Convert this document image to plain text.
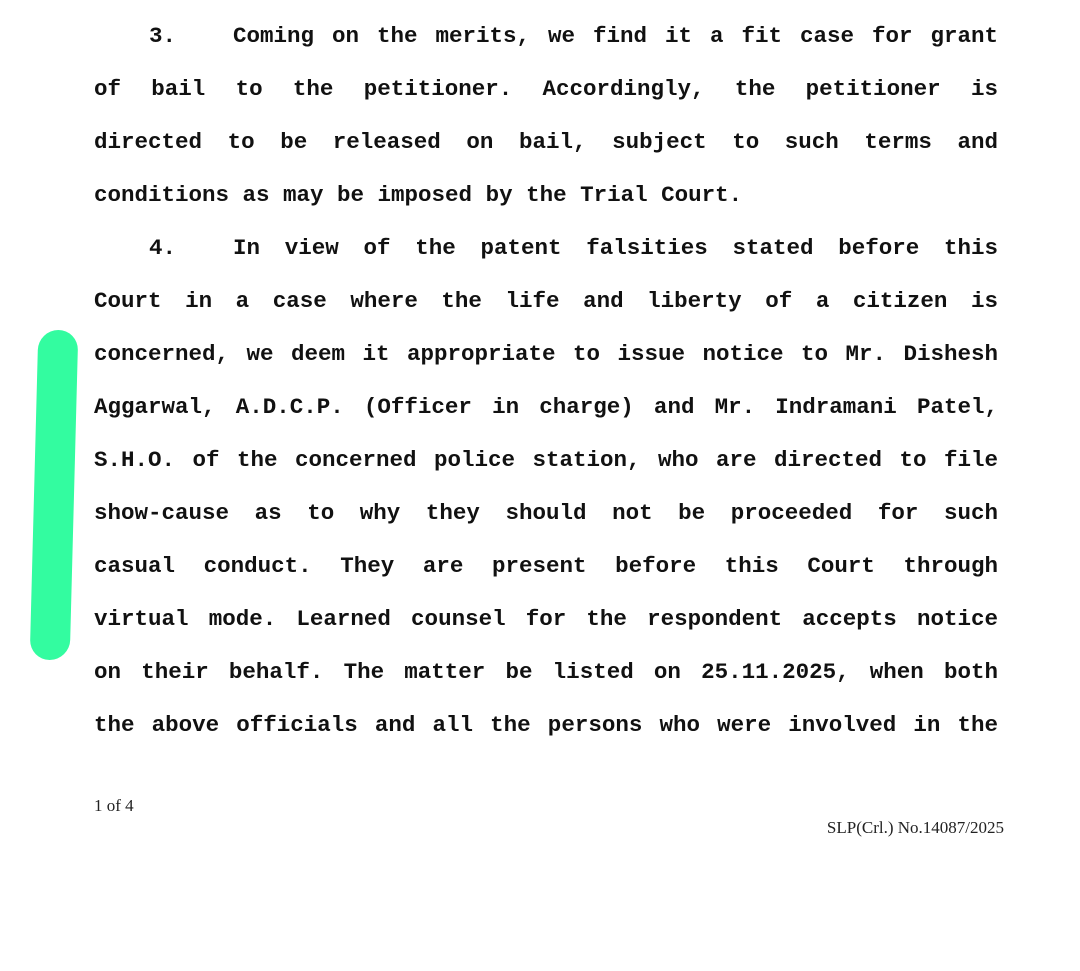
3.	Coming on the merits, we find it a fit case for grant
of bail to the petitioner. Accordingly, the petitioner is
directed to be released on bail, subject to such terms and
conditions as may be imposed by the Trial Court.
4.	In view of the patent falsities stated before this
Court in a case where the life and liberty of a citizen is
concerned, we deem it appropriate to issue notice to Mr. Dishesh
Aggarwal, A.D.C.P. (Officer in charge) and Mr. Indramani Patel,
S.H.O. of the concerned police station, who are directed to file
show-cause as to why they should not be proceeded for such
casual conduct. They are present before this Court through
virtual mode. Learned counsel for the respondent accepts notice
on their behalf. The matter be listed on 25.11.2025, when both
the above officials and all the persons who were involved in the
1 of 4
SLP(Crl.) No.14087/2025
